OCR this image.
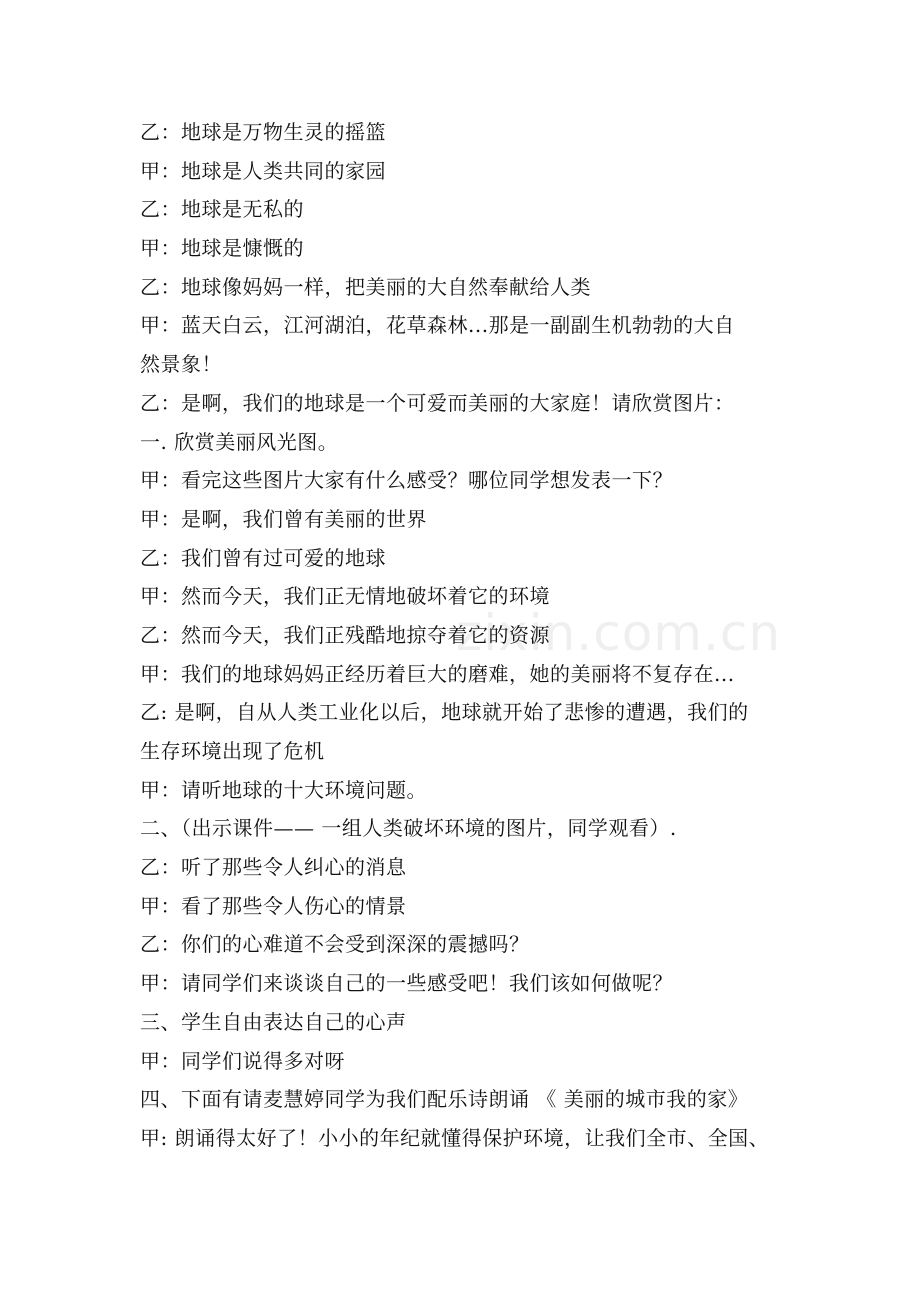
zixin.com.cn
乙：地球是万物生灵的摇篮
甲：地球是人类共同的家园
乙：地球是无私的
甲：地球是慷慨的
乙：地球像妈妈一样，把美丽的大自然奉献给人类
甲：蓝天白云，江河湖泊，花草森林...那是一副副生机勃勃的大自
然景象！
乙：是啊，我们的地球是一个可爱而美丽的大家庭！请欣赏图片：
一. 欣赏美丽风光图。
甲：看完这些图片大家有什么感受？哪位同学想发表一下？
甲：是啊，我们曾有美丽的世界
乙：我们曾有过可爱的地球
甲：然而今天，我们正无情地破坏着它的环境
乙：然而今天，我们正残酷地掠夺着它的资源
甲：我们的地球妈妈正经历着巨大的磨难，她的美丽将不复存在...
乙: 是啊，自从人类工业化以后，地球就开始了悲惨的遭遇，我们的
生存环境出现了危机
甲：请听地球的十大环境问题。
二、（出示课件—— 一组人类破坏环境的图片，同学观看）.
乙：听了那些令人纠心的消息
甲：看了那些令人伤心的情景
乙：你们的心难道不会受到深深的震撼吗？
甲：请同学们来谈谈自己的一些感受吧！我们该如何做呢？
三、学生自由表达自己的心声
甲：同学们说得多对呀
四、下面有请麦慧婷同学为我们配乐诗朗诵 《 美丽的城市我的家》
甲: 朗诵得太好了！小小的年纪就懂得保护环境，让我们全市、全国、
